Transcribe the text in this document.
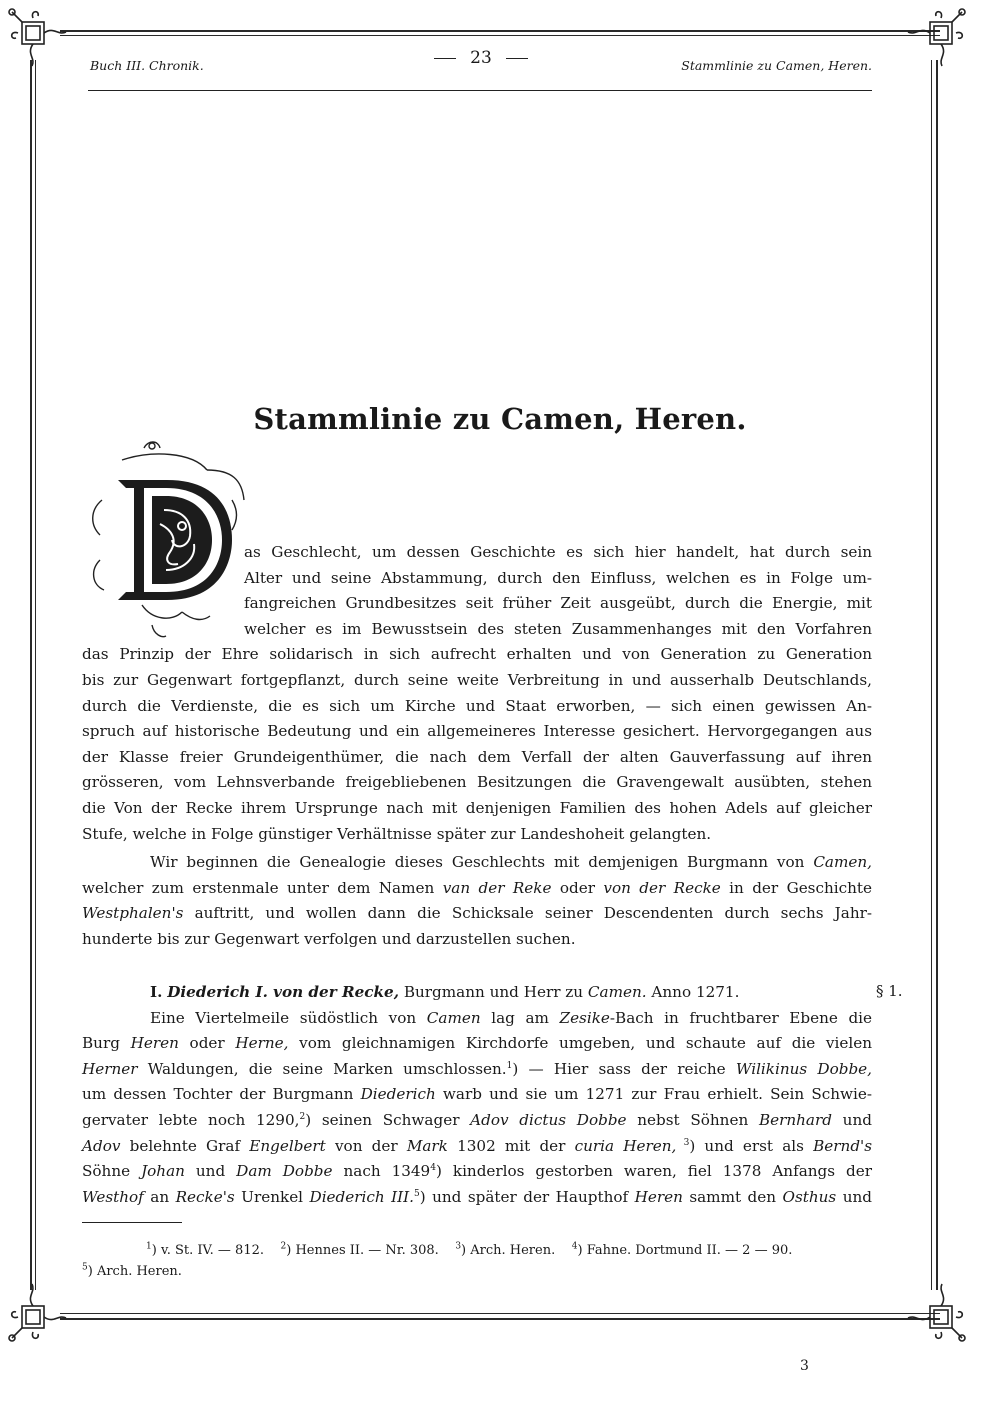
Buch III. Chronik.	23	Stammlinie zu Camen, Heren.
Stammlinie zu Camen, Heren.
as Geschlecht, um dessen Geschichte es sich hier handelt, hat durch sein
Alter und seine Abstammung, durch den Einfluss, welchen es in Folge um-
fangreichen Grundbesitzes seit früher Zeit ausgeübt, durch die Energie, mit
welcher es im Bewusstsein des steten Zusammenhanges mit den Vorfahren
das Prinzip der Ehre solidarisch in sich aufrecht erhalten und von Generation zu Generation
bis zur Gegenwart fortgepflanzt, durch seine weite Verbreitung in und ausserhalb Deutschlands,
durch die Verdienste, die es sich um Kirche und Staat erworben, — sich einen gewissen An-
spruch auf historische Bedeutung und ein allgemeineres Interesse gesichert. Hervorgegangen aus
der Klasse freier Grundeigenthümer, die nach dem Verfall der alten Gauverfassung auf ihren
grösseren, vom Lehnsverbande freigebliebenen Besitzungen die Gravengewalt ausübten, stehen
die Von der Recke ihrem Ursprunge nach mit denjenigen Familien des hohen Adels auf gleicher
Stufe, welche in Folge günstiger Verhältnisse später zur Landeshoheit gelangten.
Wir beginnen die Genealogie dieses Geschlechts mit demjenigen Burgmann von Camen,
welcher zum erstenmale unter dem Namen van der Reke oder von der Recke in der Geschichte
Westphalen's auftritt, und wollen dann die Schicksale seiner Descendenten durch sechs Jahr-
hunderte bis zur Gegenwart verfolgen und darzustellen suchen.
I. Diederich I. von der Recke, Burgmann und Herr zu Camen. Anno 1271.
Eine Viertelmeile südöstlich von Camen lag am Zesike-Bach in fruchtbarer Ebene die
Burg Heren oder Herne, vom gleichnamigen Kirchdorfe umgeben, und schaute auf die vielen
Herner Waldungen, die seine Marken umschlossen.$^1$) — Hier sass der reiche Wilikinus Dobbe,
um dessen Tochter der Burgmann Diederich warb und sie um 1271 zur Frau erhielt. Sein Schwie-
gervater lebte noch 1290,$^2$) seinen Schwager Adov dictus Dobbe nebst Söhnen Bernhard und
Adov belehnte Graf Engelbert von der Mark 1302 mit der curia Heren, $^3$) und erst als Bernd's
Söhne Johan und Dam Dobbe nach 1349$^4$) kinderlos gestorben waren, fiel 1378 Anfangs der
Westhof an Recke's Urenkel Diederich III.$^5$) und später der Haupthof Heren sammt den Osthus und
§ 1.
$^1$) v. St. IV. — 812. $^2$) Hennes II. — Nr. 308. $^3$) Arch. Heren. $^4$) Fahne. Dortmund II. — 2 — 90.
$^5$) Arch. Heren.
3
